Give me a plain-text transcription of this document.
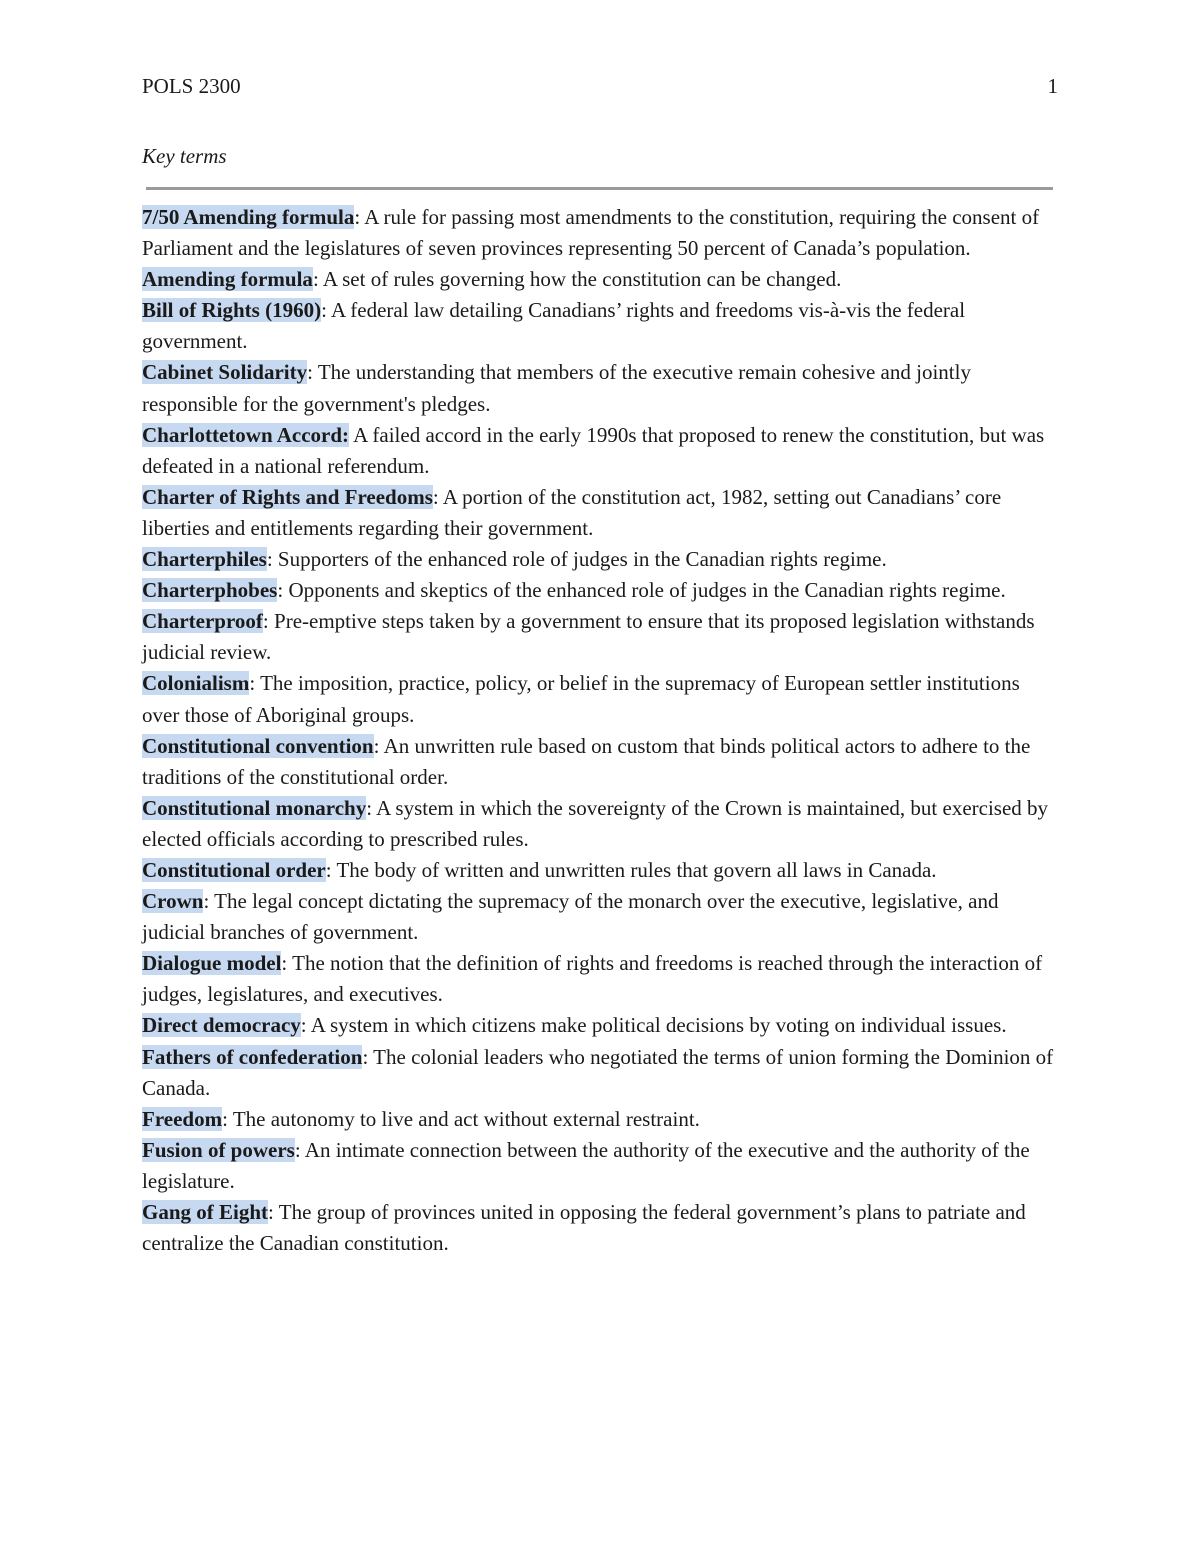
POLS 2300	1
Key terms

7/50 Amending formula: A rule for passing most amendments to the constitution, requiring the consent of Parliament and the legislatures of seven provinces representing 50 percent of Canada’s population.

Amending formula: A set of rules governing how the constitution can be changed.

Bill of Rights (1960): A federal law detailing Canadians’ rights and freedoms vis-à-vis the federal government.

Cabinet Solidarity: The understanding that members of the executive remain cohesive and jointly responsible for the government's pledges.

Charlottetown Accord: A failed accord in the early 1990s that proposed to renew the constitution, but was defeated in a national referendum.

Charter of Rights and Freedoms: A portion of the constitution act, 1982, setting out Canadians’ core liberties and entitlements regarding their government.

Charterphiles: Supporters of the enhanced role of judges in the Canadian rights regime.

Charterphobes: Opponents and skeptics of the enhanced role of judges in the Canadian rights regime.

Charterproof: Pre-emptive steps taken by a government to ensure that its proposed legislation withstands judicial review.

Colonialism: The imposition, practice, policy, or belief in the supremacy of European settler institutions over those of Aboriginal groups.

Constitutional convention: An unwritten rule based on custom that binds political actors to adhere to the traditions of the constitutional order.

Constitutional monarchy: A system in which the sovereignty of the Crown is maintained, but exercised by elected officials according to prescribed rules.

Constitutional order: The body of written and unwritten rules that govern all laws in Canada.

Crown: The legal concept dictating the supremacy of the monarch over the executive, legislative, and judicial branches of government.

Dialogue model: The notion that the definition of rights and freedoms is reached through the interaction of judges, legislatures, and executives.

Direct democracy: A system in which citizens make political decisions by voting on individual issues.

Fathers of confederation: The colonial leaders who negotiated the terms of union forming the Dominion of Canada.

Freedom: The autonomy to live and act without external restraint.

Fusion of powers: An intimate connection between the authority of the executive and the authority of the legislature.

Gang of Eight: The group of provinces united in opposing the federal government’s plans to patriate and centralize the Canadian constitution.
